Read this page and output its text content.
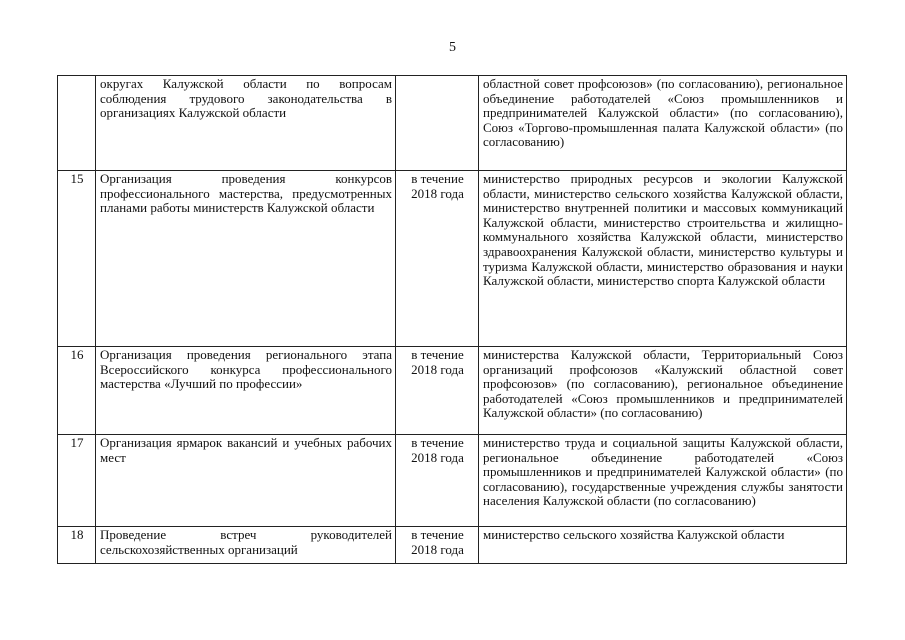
5
	округах Калужской области по вопросам соблюдения трудового законодательства в организациях Калужской области		областной совет профсоюзов» (по согласованию), региональное объединение работодателей «Союз промышленников и предпринимателей Калужской области» (по согласованию), Союз «Торгово-промышленная палата Калужской области» (по согласованию)
15	Организация проведения конкурсов профессионального мастерства, предусмотренных планами работы министерств Калужской области	в течение 2018 года	министерство природных ресурсов и экологии Калужской области, министерство сельского хозяйства Калужской области, министерство внутренней политики и массовых коммуникаций Калужской области, министерство строительства и жилищно-коммунального хозяйства Калужской области, министерство здравоохранения Калужской области, министерство культуры и туризма Калужской области, министерство образования и науки Калужской области, министерство спорта Калужской области
16	Организация проведения регионального этапа Всероссийского конкурса профессионального мастерства «Лучший по профессии»	в течение 2018 года	министерства Калужской области, Территориальный Союз организаций профсоюзов «Калужский областной совет профсоюзов» (по согласованию), региональное объединение работодателей «Союз промышленников и предпринимателей Калужской области» (по согласованию)
17	Организация ярмарок вакансий и учебных рабочих мест	в течение 2018 года	министерство труда и социальной защиты Калужской области, региональное объединение работодателей «Союз промышленников и предпринимателей Калужской области» (по согласованию), государственные учреждения службы занятости населения Калужской области (по согласованию)
18	Проведение встреч руководителей сельскохозяйственных организаций	в течение 2018 года	министерство сельского хозяйства Калужской области
